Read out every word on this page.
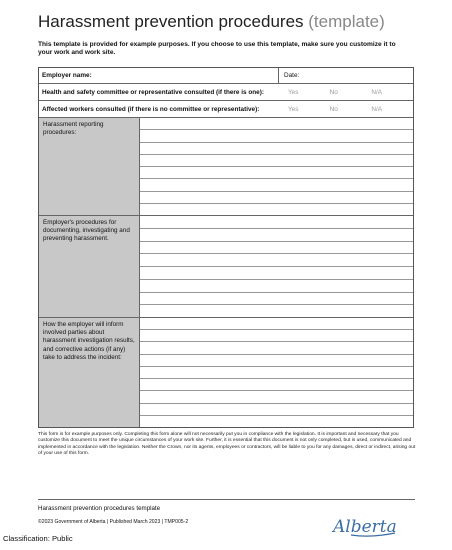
Harassment prevention procedures (template)
This template is provided for example purposes. If you choose to use this template, make sure you customize it to your work and work site.
Employer name:	Date:
Health and safety committee or representative consulted (if there is one):	Yes	No	N/A
Affected workers consulted (if there is no committee or representative):	Yes	No	N/A
Harassment reporting procedures:
Employer's procedures for documenting, investigating and preventing harassment.
How the employer will inform involved parties about harassment investigation results, and corrective actions (if any) take to address the incident:
This form is for example purposes only. Completing this form alone will not necessarily put you in compliance with the legislation. It is important and necessary that you customize this document to meet the unique circumstances of your work site. Further, it is essential that this document is not only completed, but is used, communicated and implemented in accordance with the legislation. Neither the Crown, nor its agents, employees or contractors, will be liable to you for any damages, direct or indirect, arising out of your use of this form.
Harassment prevention procedures template
©2023 Government of Alberta | Published March 2023 | TMP005-2
Classification: Public
Alberta
